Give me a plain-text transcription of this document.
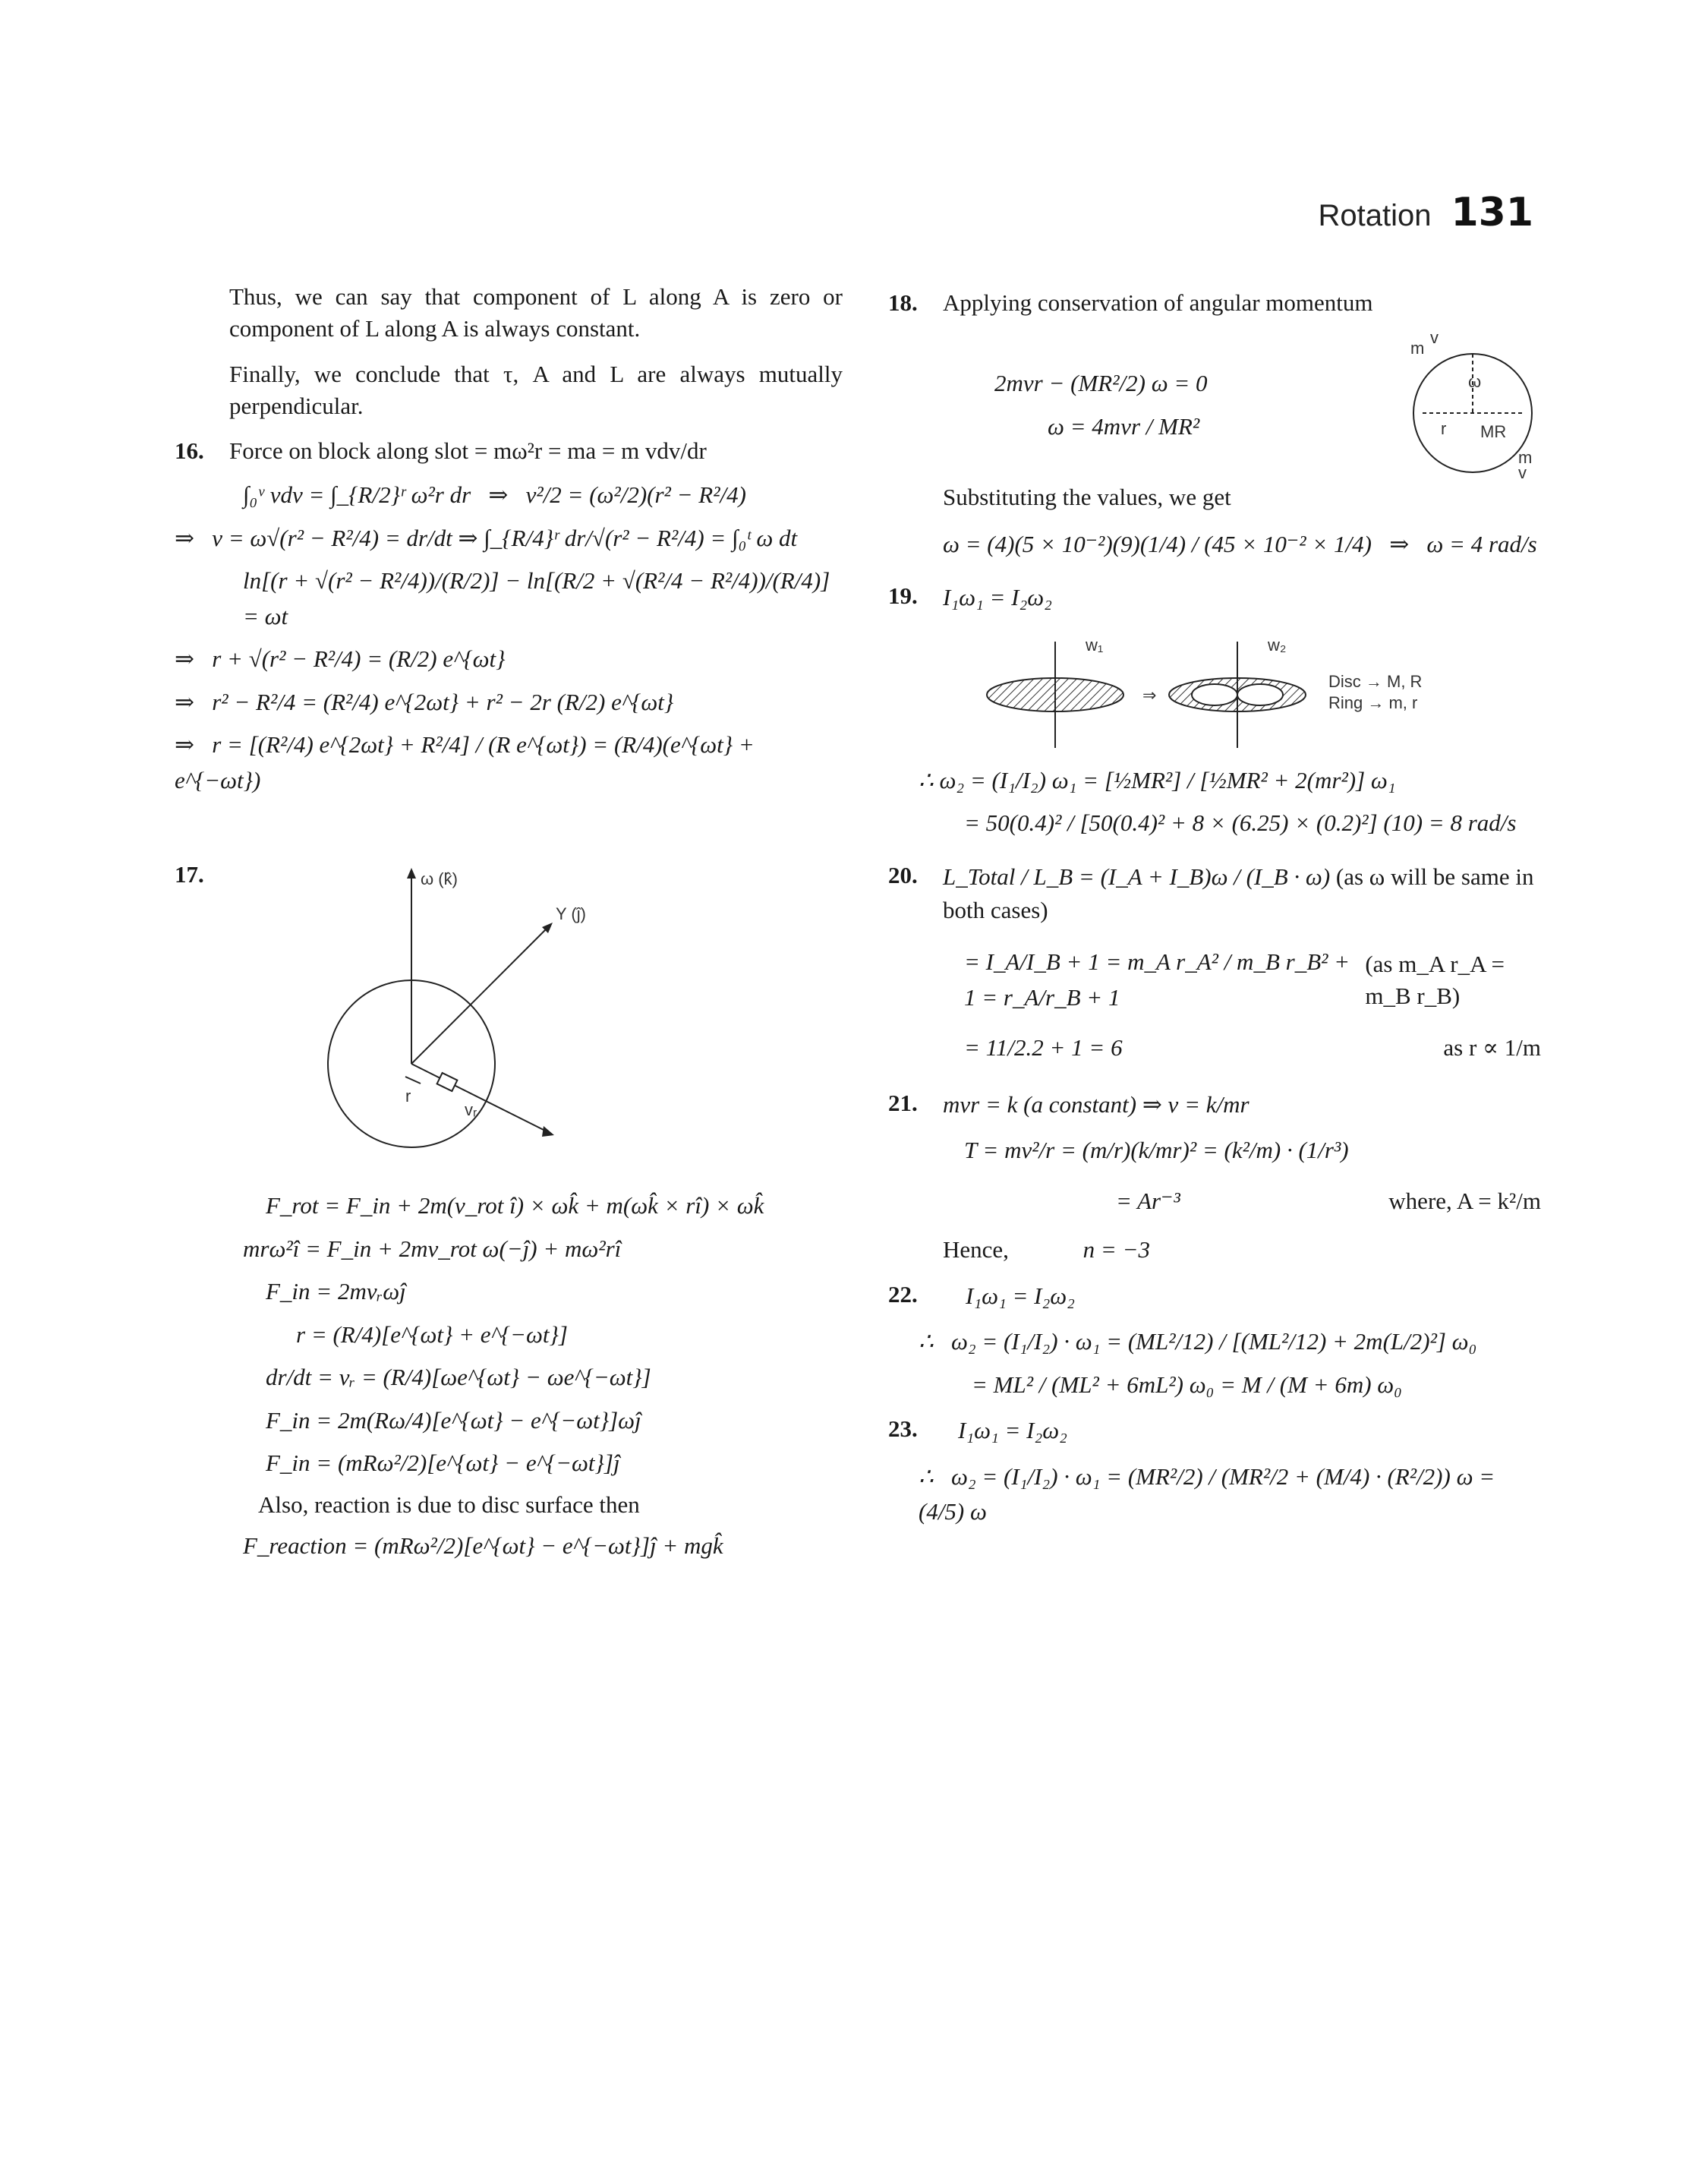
Rotation 131

Thus, we can say that component of L along A is zero or component of L along A is always constant.

Finally, we conclude that τ, A and L are always mutually perpendicular.

16.	Force on block along slot = mω²r = ma = m vdv/dr
∫₀ᵛ vdv = ∫_{R/2}ʳ ω²r dr   ⇒   v²/2 = (ω²/2)(r² − R²/4)
⇒   v = ω√(r² − R²/4) = dr/dt ⇒ ∫_{R/4}ʳ dr/√(r² − R²/4) = ∫₀ᵗ ω dt
ln[(r + √(r² − R²/4))/(R/2)] − ln[(R/2 + √(R²/4 − R²/4))/(R/4)] = ωt
⇒   r + √(r² − R²/4) = (R/2) e^{ωt}
⇒   r² − R²/4 = (R²/4) e^{2ωt} + r² − 2r (R/2) e^{ωt}
⇒   r = [(R²/4) e^{2ωt} + R²/4] / (R e^{ωt}) = (R/4)(e^{ωt} + e^{−ωt})
17.	ω (k̂)
Y (ĵ)
r
vᵣ
F_rot = F_in + 2m(v_rot î) × ωk̂ + m(ωk̂ × rî) × ωk̂
mrω²î = F_in + 2mv_rot ω(−ĵ) + mω²rî
F_in = 2mvᵣωĵ
r = (R/4)[e^{ωt} + e^{−ωt}]
dr/dt = vᵣ = (R/4)[ωe^{ωt} − ωe^{−ωt}]
F_in = 2m(Rω/4)[e^{ωt} − e^{−ωt}]ωĵ
F_in = (mRω²/2)[e^{ωt} − e^{−ωt}]ĵ

Also, reaction is due to disc surface then

F_reaction = (mRω²/2)[e^{ωt} − e^{−ωt}]ĵ + mgk̂
18.	Applying conservation of angular momentum
2mvr − (MR²/2) ω = 0
ω = 4mvr / MR²
m
v
ω
r MR
m
v

Substituting the values, we get

ω = (4)(5 × 10⁻²)(9)(1/4) / (45 × 10⁻² × 1/4)   ⇒   ω = 4 rad/s
19.	I₁ω₁ = I₂ω₂
w₁
⇒
w₂
Disc → M, R
Ring → m, r
∴ ω₂ = (I₁/I₂) ω₁ = [½MR²] / [½MR² + 2(mr²)] ω₁
= 50(0.4)² / [50(0.4)² + 8 × (6.25) × (0.2)²] (10) = 8 rad/s
20.	L_Total / L_B = (I_A + I_B)ω / (I_B · ω) (as ω will be same in both cases)
= I_A/I_B + 1 = m_A r_A² / m_B r_B² + 1 = r_A/r_B + 1
(as m_A r_A = m_B r_B)
= 11/2.2 + 1 = 6	as r ∝ 1/m
21.	mvr = k (a constant) ⇒ v = k/mr
T = mv²/r = (m/r)(k/mr)² = (k²/m) · (1/r³)
= Ar⁻³	where, A = k²/m
Hence,	n = −3
22.	I₁ω₁ = I₂ω₂
∴   ω₂ = (I₁/I₂) · ω₁ = (ML²/12) / [(ML²/12) + 2m(L/2)²] ω₀
= ML² / (ML² + 6mL²) ω₀ = M / (M + 6m) ω₀
23.	I₁ω₁ = I₂ω₂
∴   ω₂ = (I₁/I₂) · ω₁ = (MR²/2) / (MR²/2 + (M/4) · (R²/2)) ω = (4/5) ω
